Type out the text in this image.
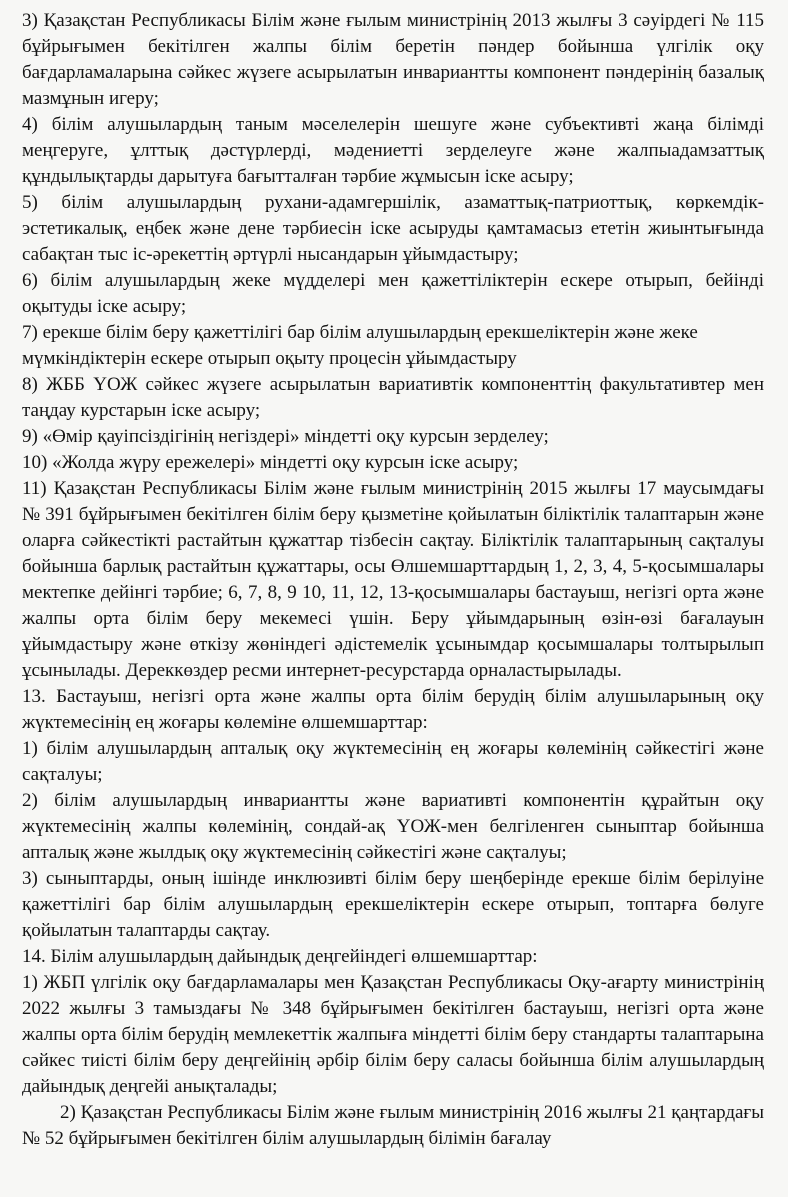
3) Қазақстан Республикасы Білім және ғылым министрінің 2013 жылғы 3 сәуірдегі № 115 бұйрығымен бекітілген жалпы білім беретін пәндер бойынша үлгілік оқу бағдарламаларына сәйкес жүзеге асырылатын инвариантты компонент пәндерінің базалық мазмұнын игеру;

4) білім алушылардың таным мәселелерін шешуге және субъективті жаңа білімді меңгеруге, ұлттық дәстүрлерді, мәдениетті зерделеуге және жалпыадамзаттық құндылықтарды дарытуға бағытталған тәрбие жұмысын іске асыру;

5) білім алушылардың рухани-адамгершілік, азаматтық-патриоттық, көркемдік-эстетикалық, еңбек және дене тәрбиесін іске асыруды қамтамасыз ететін жиынтығында сабақтан тыс іс-әрекеттің әртүрлі нысандарын ұйымдастыру;

6) білім алушылардың жеке мүдделері мен қажеттіліктерін ескере отырып, бейінді оқытуды іске асыру;

7) ерекше білім беру қажеттілігі бар білім алушылардың ерекшеліктерін және жеке мүмкіндіктерін ескере отырып оқыту процесін ұйымдастыру

8) ЖББ ҮОЖ сәйкес жүзеге асырылатын вариативтік компоненттің факультативтер мен таңдау курстарын іске асыру;

9) «Өмір қауіпсіздігінің негіздері» міндетті оқу курсын зерделеу;

10) «Жолда жүру ережелері» міндетті оқу курсын іске асыру;

11) Қазақстан Республикасы Білім және ғылым министрінің 2015 жылғы 17 маусымдағы № 391 бұйрығымен бекітілген білім беру қызметіне қойылатын біліктілік талаптарын және оларға сәйкестікті растайтын құжаттар тізбесін сақтау. Біліктілік талаптарының сақталуы бойынша барлық растайтын құжаттары, осы Өлшемшарттардың 1, 2, 3, 4, 5-қосымшалары мектепке дейінгі тәрбие; 6, 7, 8, 9 10, 11, 12, 13-қосымшалары бастауыш, негізгі орта және жалпы орта білім беру мекемесі үшін. Беру ұйымдарының өзін-өзі бағалауын ұйымдастыру және өткізу жөніндегі әдістемелік ұсынымдар қосымшалары толтырылып ұсынылады. Дереккөздер ресми интернет-ресурстарда орналастырылады.

13. Бастауыш, негізгі орта және жалпы орта білім берудің білім алушыларының оқу жүктемесінің ең жоғары көлеміне өлшемшарттар:

1) білім алушылардың апталық оқу жүктемесінің ең жоғары көлемінің сәйкестігі және сақталуы;

2) білім алушылардың инвариантты және вариативті компонентін құрайтын оқу жүктемесінің жалпы көлемінің, сондай-ақ ҮОЖ-мен белгіленген сыныптар бойынша апталық және жылдық оқу жүктемесінің сәйкестігі және сақталуы;

3) сыныптарды, оның ішінде инклюзивті білім беру шеңберінде ерекше білім берілуіне қажеттілігі бар білім алушылардың ерекшеліктерін ескере отырып, топтарға бөлуге қойылатын талаптарды сақтау.

14. Білім алушылардың дайындық деңгейіндегі өлшемшарттар:

1) ЖБП үлгілік оқу бағдарламалары мен Қазақстан Республикасы Оқу-ағарту министрінің 2022 жылғы 3 тамыздағы № 348 бұйрығымен бекітілген бастауыш, негізгі орта және жалпы орта білім берудің мемлекеттік жалпыға міндетті білім беру стандарты талаптарына сәйкес тиісті білім беру деңгейінің әрбір білім беру саласы бойынша білім алушылардың дайындық деңгейі анықталады;

2) Қазақстан Республикасы Білім және ғылым министрінің 2016 жылғы 21 қаңтардағы № 52 бұйрығымен бекітілген білім алушылардың білімін бағалау
